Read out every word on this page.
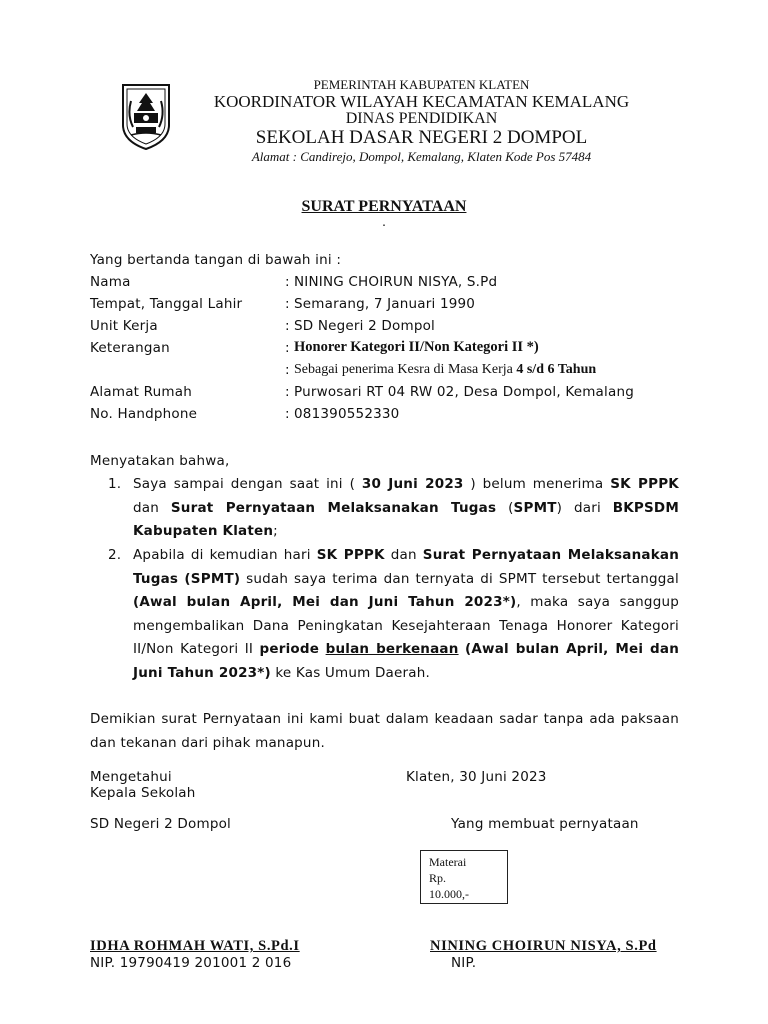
PEMERINTAH KABUPATEN KLATEN
KOORDINATOR WILAYAH KECAMATAN KEMALANG
DINAS PENDIDIKAN
SEKOLAH DASAR NEGERI 2 DOMPOL
Alamat : Candirejo, Dompol, Kemalang, Klaten Kode Pos 57484
SURAT PERNYATAAN
.
Yang bertanda tangan di bawah ini :
Nama	: NINING CHOIRUN NISYA, S.Pd
Tempat, Tanggal Lahir	: Semarang, 7 Januari 1990
Unit Kerja	: SD Negeri 2 Dompol
Keterangan	: Honorer Kategori II/Non Kategori II *)
: Sebagai penerima Kesra di Masa Kerja 4 s/d 6 Tahun
Alamat Rumah	: Purwosari RT 04 RW 02, Desa Dompol, Kemalang
No. Handphone	: 081390552330
Menyatakan bahwa,
1. Saya sampai dengan saat ini ( 30 Juni 2023 ) belum menerima SK PPPK dan Surat Pernyataan Melaksanakan Tugas (SPMT) dari BKPSDM Kabupaten Klaten;
2. Apabila di kemudian hari SK PPPK dan Surat Pernyataan Melaksanakan Tugas (SPMT) sudah saya terima dan ternyata di SPMT tersebut tertanggal (Awal bulan April, Mei dan Juni Tahun 2023*), maka saya sanggup mengembalikan Dana Peningkatan Kesejahteraan Tenaga Honorer Kategori II/Non Kategori II periode bulan berkenaan (Awal bulan April, Mei dan Juni Tahun 2023*) ke Kas Umum Daerah.
Demikian surat Pernyataan ini kami buat dalam keadaan sadar tanpa ada paksaan dan tekanan dari pihak manapun.
Mengetahui
Kepala Sekolah
SD Negeri 2 Dompol
Klaten, 30 Juni 2023
Yang membuat pernyataan
Materai
Rp.
10.000,-
IDHA ROHMAH WATI, S.Pd.I
NIP. 19790419 201001 2 016
NINING CHOIRUN NISYA, S.Pd
NIP.
